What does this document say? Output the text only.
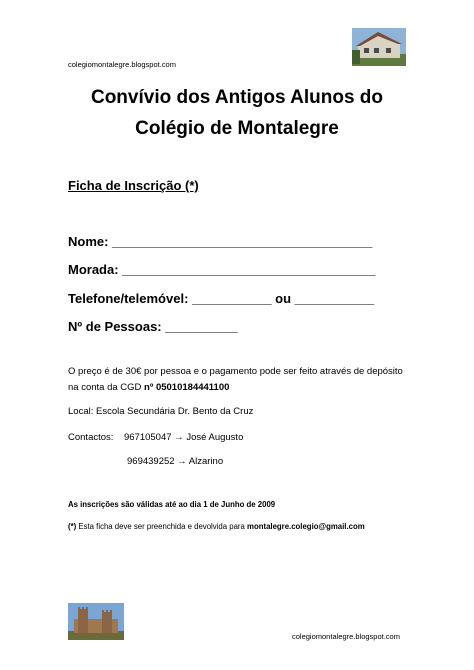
colegiomontalegre.blogspot.com
Convívio dos Antigos Alunos do
Colégio de Montalegre
Ficha de Inscrição (*)
Nome: ____________________________________
Morada: ___________________________________
Telefone/telemóvel: ___________ ou ___________
Nº de Pessoas: __________
O preço é de 30€ por pessoa e o pagamento pode ser feito através de depósito na conta da CGD nº 05010184441100
Local: Escola Secundária Dr. Bento da Cruz
Contactos: 967105047 → José Augusto
969439252 → Alzarino
As inscrições são válidas até ao dia 1 de Junho de 2009
(*) Esta ficha deve ser preenchida e devolvida para montalegre.colegio@gmail.com
colegiomontalegre.blogspot.com
